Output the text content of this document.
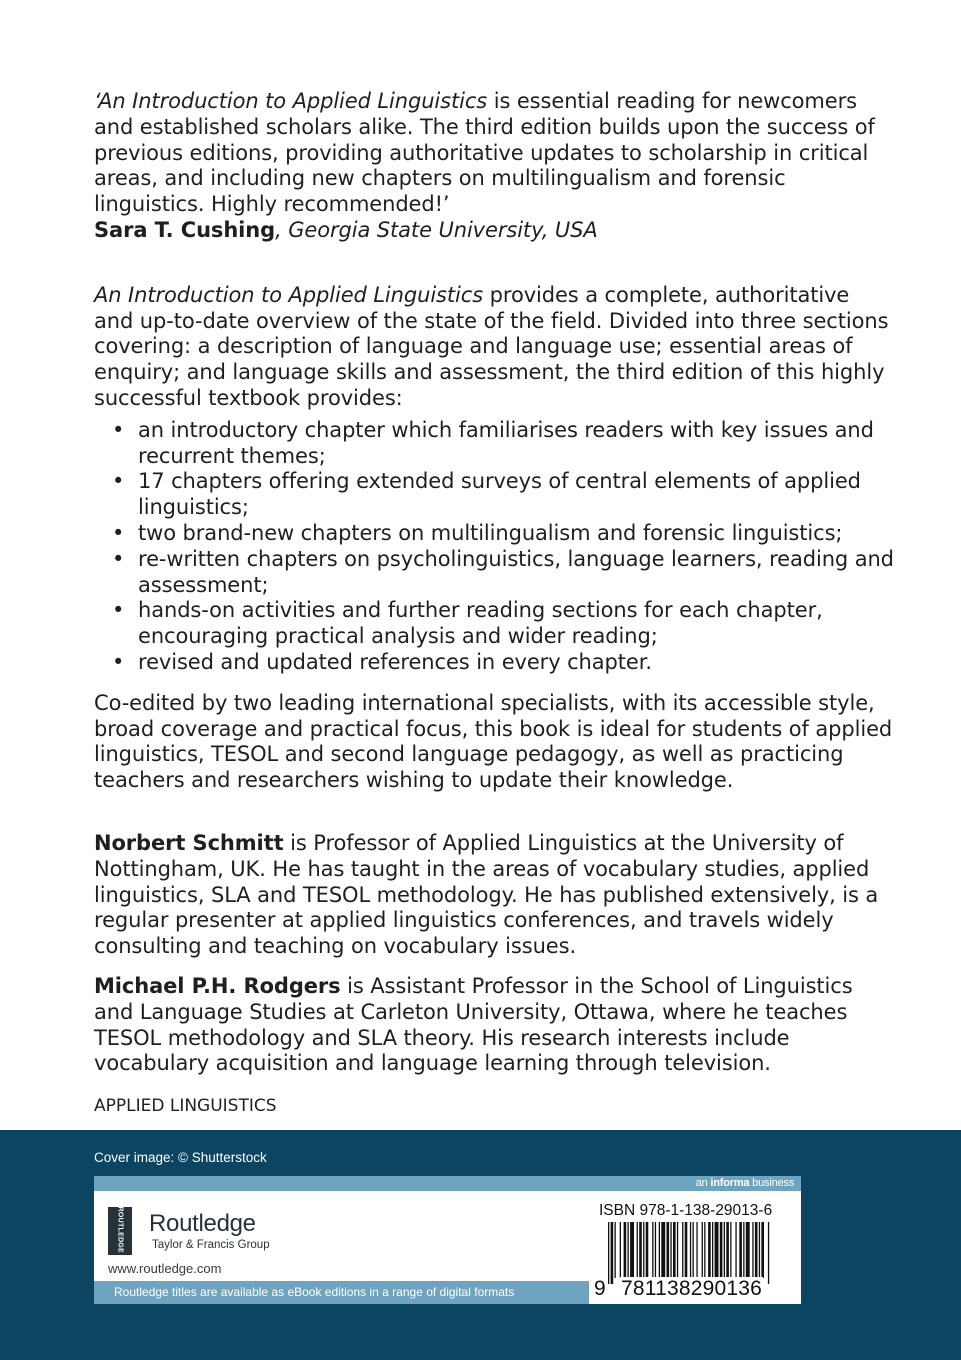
‘An Introduction to Applied Linguistics is essential reading for newcomers and established scholars alike. The third edition builds upon the success of previous editions, providing authoritative updates to scholarship in critical areas, and including new chapters on multilingualism and forensic linguistics. Highly recommended!’

Sara T. Cushing, Georgia State University, USA

An Introduction to Applied Linguistics provides a complete, authoritative and up-to-date overview of the state of the field. Divided into three sections covering: a description of language and language use; essential areas of enquiry; and language skills and assessment, the third edition of this highly successful textbook provides:

• an introductory chapter which familiarises readers with key issues and recurrent themes;
• 17 chapters offering extended surveys of central elements of applied linguistics;
• two brand-new chapters on multilingualism and forensic linguistics;
• re-written chapters on psycholinguistics, language learners, reading and assessment;
• hands-on activities and further reading sections for each chapter, encouraging practical analysis and wider reading;
• revised and updated references in every chapter.

Co-edited by two leading international specialists, with its accessible style, broad coverage and practical focus, this book is ideal for students of applied linguistics, TESOL and second language pedagogy, as well as practicing teachers and researchers wishing to update their knowledge.

Norbert Schmitt is Professor of Applied Linguistics at the University of Nottingham, UK. He has taught in the areas of vocabulary studies, applied linguistics, SLA and TESOL methodology. He has published extensively, is a regular presenter at applied linguistics conferences, and travels widely consulting and teaching on vocabulary issues.

Michael P.H. Rodgers is Assistant Professor in the School of Linguistics and Language Studies at Carleton University, Ottawa, where he teaches TESOL methodology and SLA theory. His research interests include vocabulary acquisition and language learning through television.

APPLIED LINGUISTICS

Cover image: © Shutterstock
an informa business
ROUTLEDGE Routledge
Taylor & Francis Group
www.routledge.com
Routledge titles are available as eBook editions in a range of digital formats
ISBN 978-1-138-29013-6
9 781138290136
